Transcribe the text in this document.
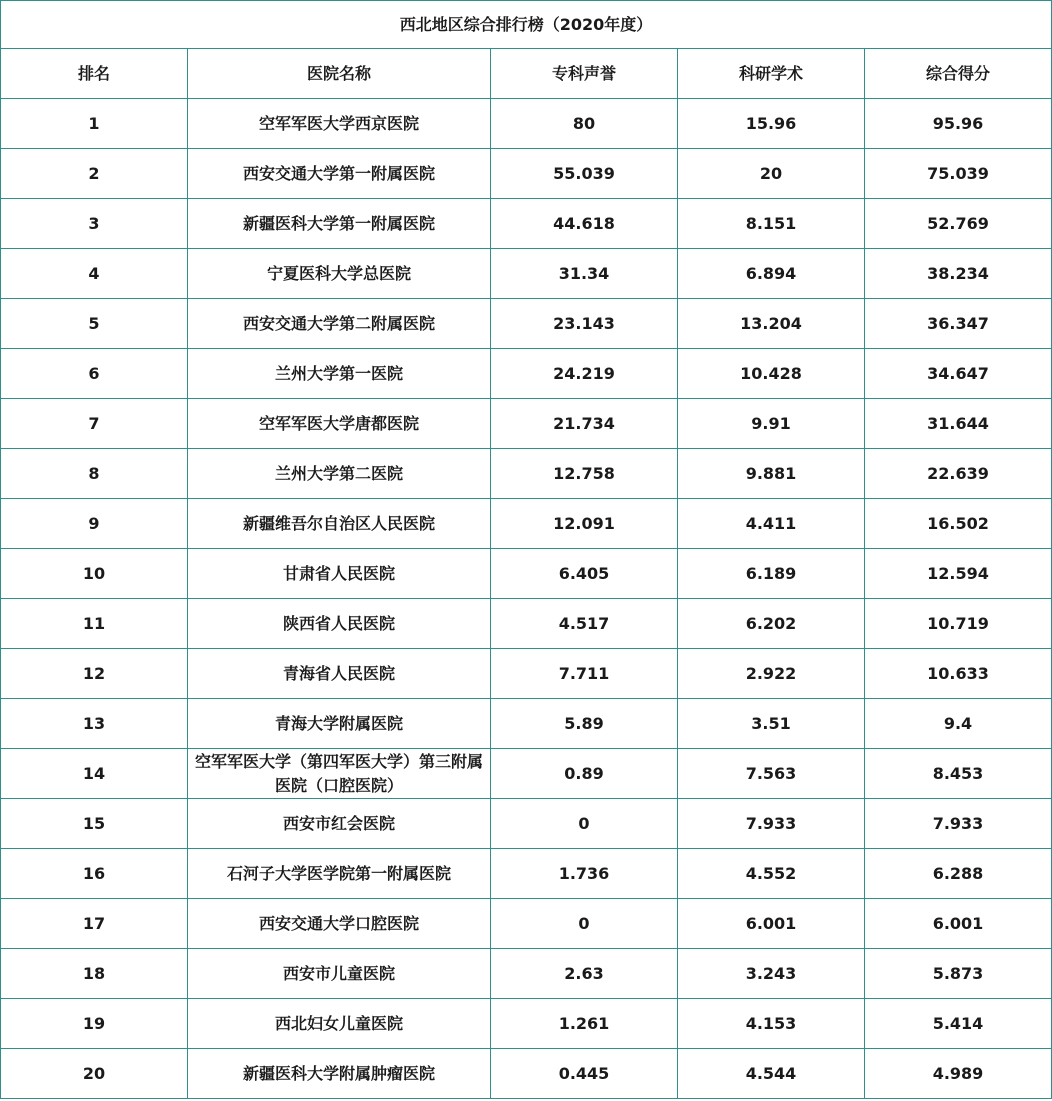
西北地区综合排行榜（2020年度）				
排名	医院名称	专科声誉	科研学术	综合得分
1	空军军医大学西京医院	80	15.96	95.96
2	西安交通大学第一附属医院	55.039	20	75.039
3	新疆医科大学第一附属医院	44.618	8.151	52.769
4	宁夏医科大学总医院	31.34	6.894	38.234
5	西安交通大学第二附属医院	23.143	13.204	36.347
6	兰州大学第一医院	24.219	10.428	34.647
7	空军军医大学唐都医院	21.734	9.91	31.644
8	兰州大学第二医院	12.758	9.881	22.639
9	新疆维吾尔自治区人民医院	12.091	4.411	16.502
10	甘肃省人民医院	6.405	6.189	12.594
11	陕西省人民医院	4.517	6.202	10.719
12	青海省人民医院	7.711	2.922	10.633
13	青海大学附属医院	5.89	3.51	9.4
14	空军军医大学（第四军医大学）第三附属医院（口腔医院）	0.89	7.563	8.453
15	西安市红会医院	0	7.933	7.933
16	石河子大学医学院第一附属医院	1.736	4.552	6.288
17	西安交通大学口腔医院	0	6.001	6.001
18	西安市儿童医院	2.63	3.243	5.873
19	西北妇女儿童医院	1.261	4.153	5.414
20	新疆医科大学附属肿瘤医院	0.445	4.544	4.989
